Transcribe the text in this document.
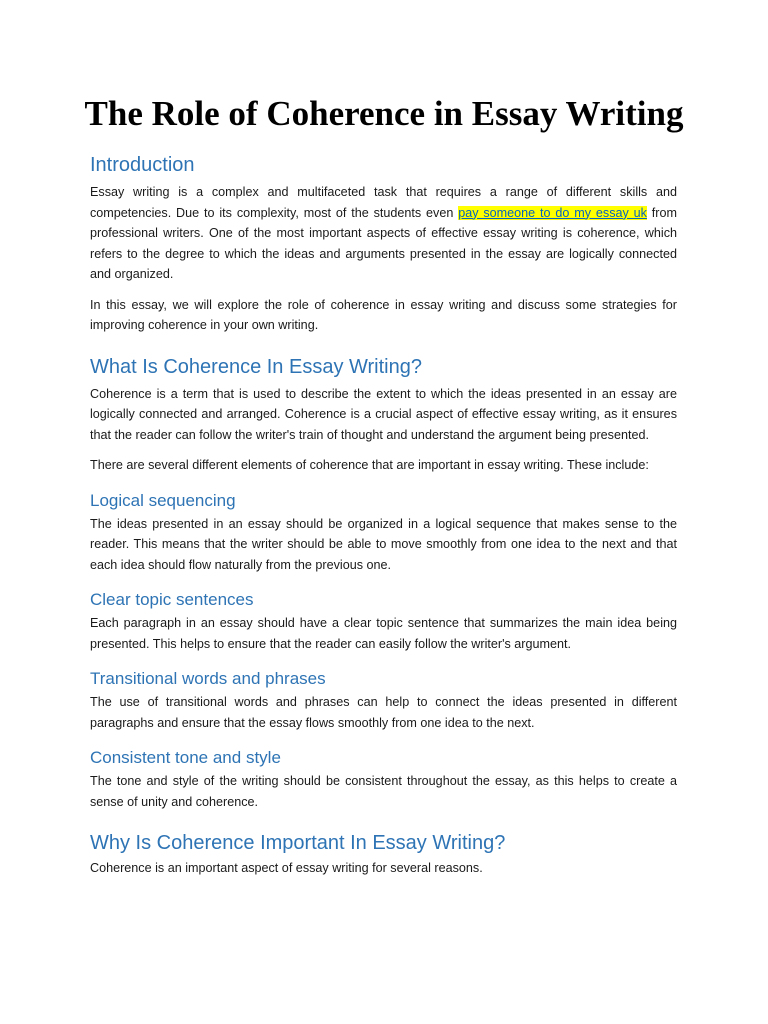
The Role of Coherence in Essay Writing
Introduction

Essay writing is a complex and multifaceted task that requires a range of different skills and competencies. Due to its complexity, most of the students even pay someone to do my essay uk from professional writers. One of the most important aspects of effective essay writing is coherence, which refers to the degree to which the ideas and arguments presented in the essay are logically connected and organized.

In this essay, we will explore the role of coherence in essay writing and discuss some strategies for improving coherence in your own writing.

What Is Coherence In Essay Writing?

Coherence is a term that is used to describe the extent to which the ideas presented in an essay are logically connected and arranged. Coherence is a crucial aspect of effective essay writing, as it ensures that the reader can follow the writer's train of thought and understand the argument being presented.

There are several different elements of coherence that are important in essay writing. These include:

Logical sequencing

The ideas presented in an essay should be organized in a logical sequence that makes sense to the reader. This means that the writer should be able to move smoothly from one idea to the next and that each idea should flow naturally from the previous one.

Clear topic sentences

Each paragraph in an essay should have a clear topic sentence that summarizes the main idea being presented. This helps to ensure that the reader can easily follow the writer's argument.

Transitional words and phrases

The use of transitional words and phrases can help to connect the ideas presented in different paragraphs and ensure that the essay flows smoothly from one idea to the next.

Consistent tone and style

The tone and style of the writing should be consistent throughout the essay, as this helps to create a sense of unity and coherence.

Why Is Coherence Important In Essay Writing?

Coherence is an important aspect of essay writing for several reasons.
